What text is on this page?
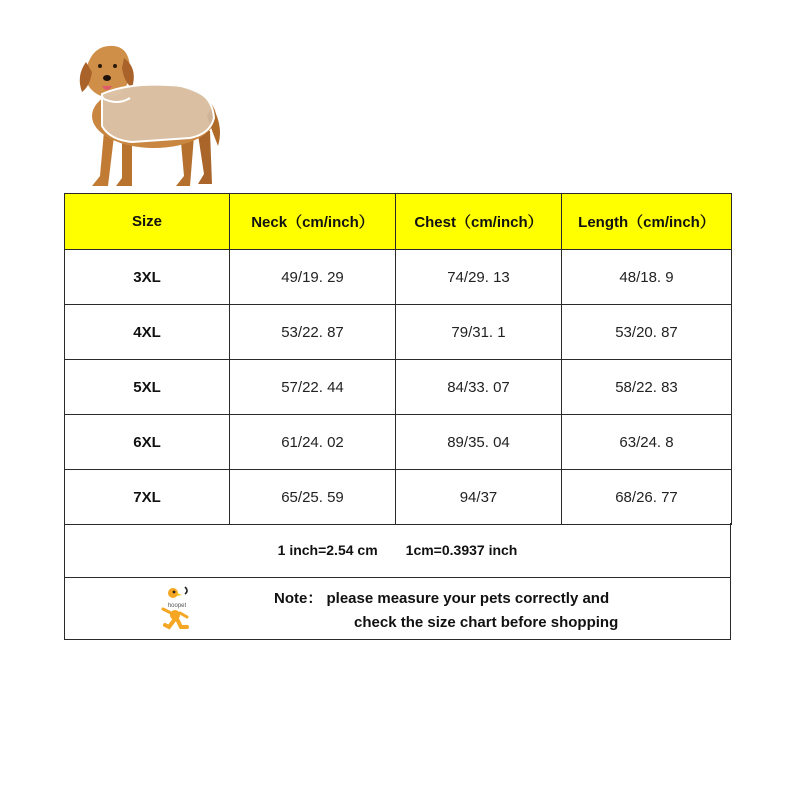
Size	Neck（cm/inch）	Chest（cm/inch）	Length（cm/inch）
3XL	49/19. 29	74/29. 13	48/18. 9
4XL	53/22. 87	79/31. 1	53/20. 87
5XL	57/22. 44	84/33. 07	58/22. 83
6XL	61/24. 02	89/35. 04	63/24. 8
7XL	65/25. 59	94/37	68/26. 77
1 inch=2.54 cm 1cm=0.3937 inch
hoopet	Note： please measure your pets correctly and
check the size chart before shopping
